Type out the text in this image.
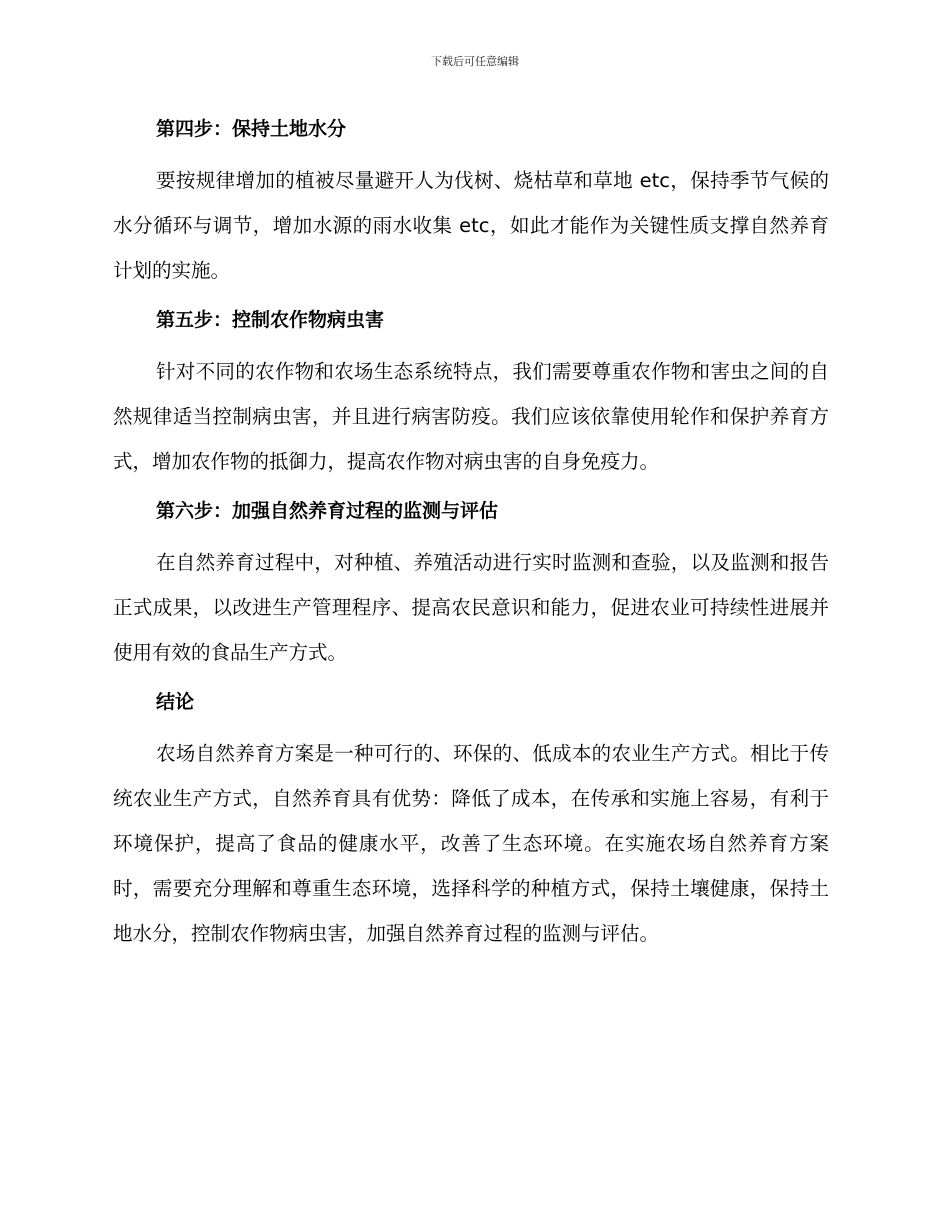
下载后可任意编辑
第四步：保持土地水分

要按规律增加的植被尽量避开人为伐树、烧枯草和草地 etc，保持季节气候的水分循环与调节，增加水源的雨水收集 etc，如此才能作为关键性质支撑自然养育计划的实施。

第五步：控制农作物病虫害

针对不同的农作物和农场生态系统特点，我们需要尊重农作物和害虫之间的自然规律适当控制病虫害，并且进行病害防疫。我们应该依靠使用轮作和保护养育方式，增加农作物的抵御力，提高农作物对病虫害的自身免疫力。

第六步：加强自然养育过程的监测与评估

在自然养育过程中，对种植、养殖活动进行实时监测和查验，以及监测和报告正式成果，以改进生产管理程序、提高农民意识和能力，促进农业可持续性进展并使用有效的食品生产方式。

结论

农场自然养育方案是一种可行的、环保的、低成本的农业生产方式。相比于传统农业生产方式，自然养育具有优势：降低了成本，在传承和实施上容易，有利于环境保护，提高了食品的健康水平，改善了生态环境。在实施农场自然养育方案时，需要充分理解和尊重生态环境，选择科学的种植方式，保持土壤健康，保持土地水分，控制农作物病虫害，加强自然养育过程的监测与评估。
